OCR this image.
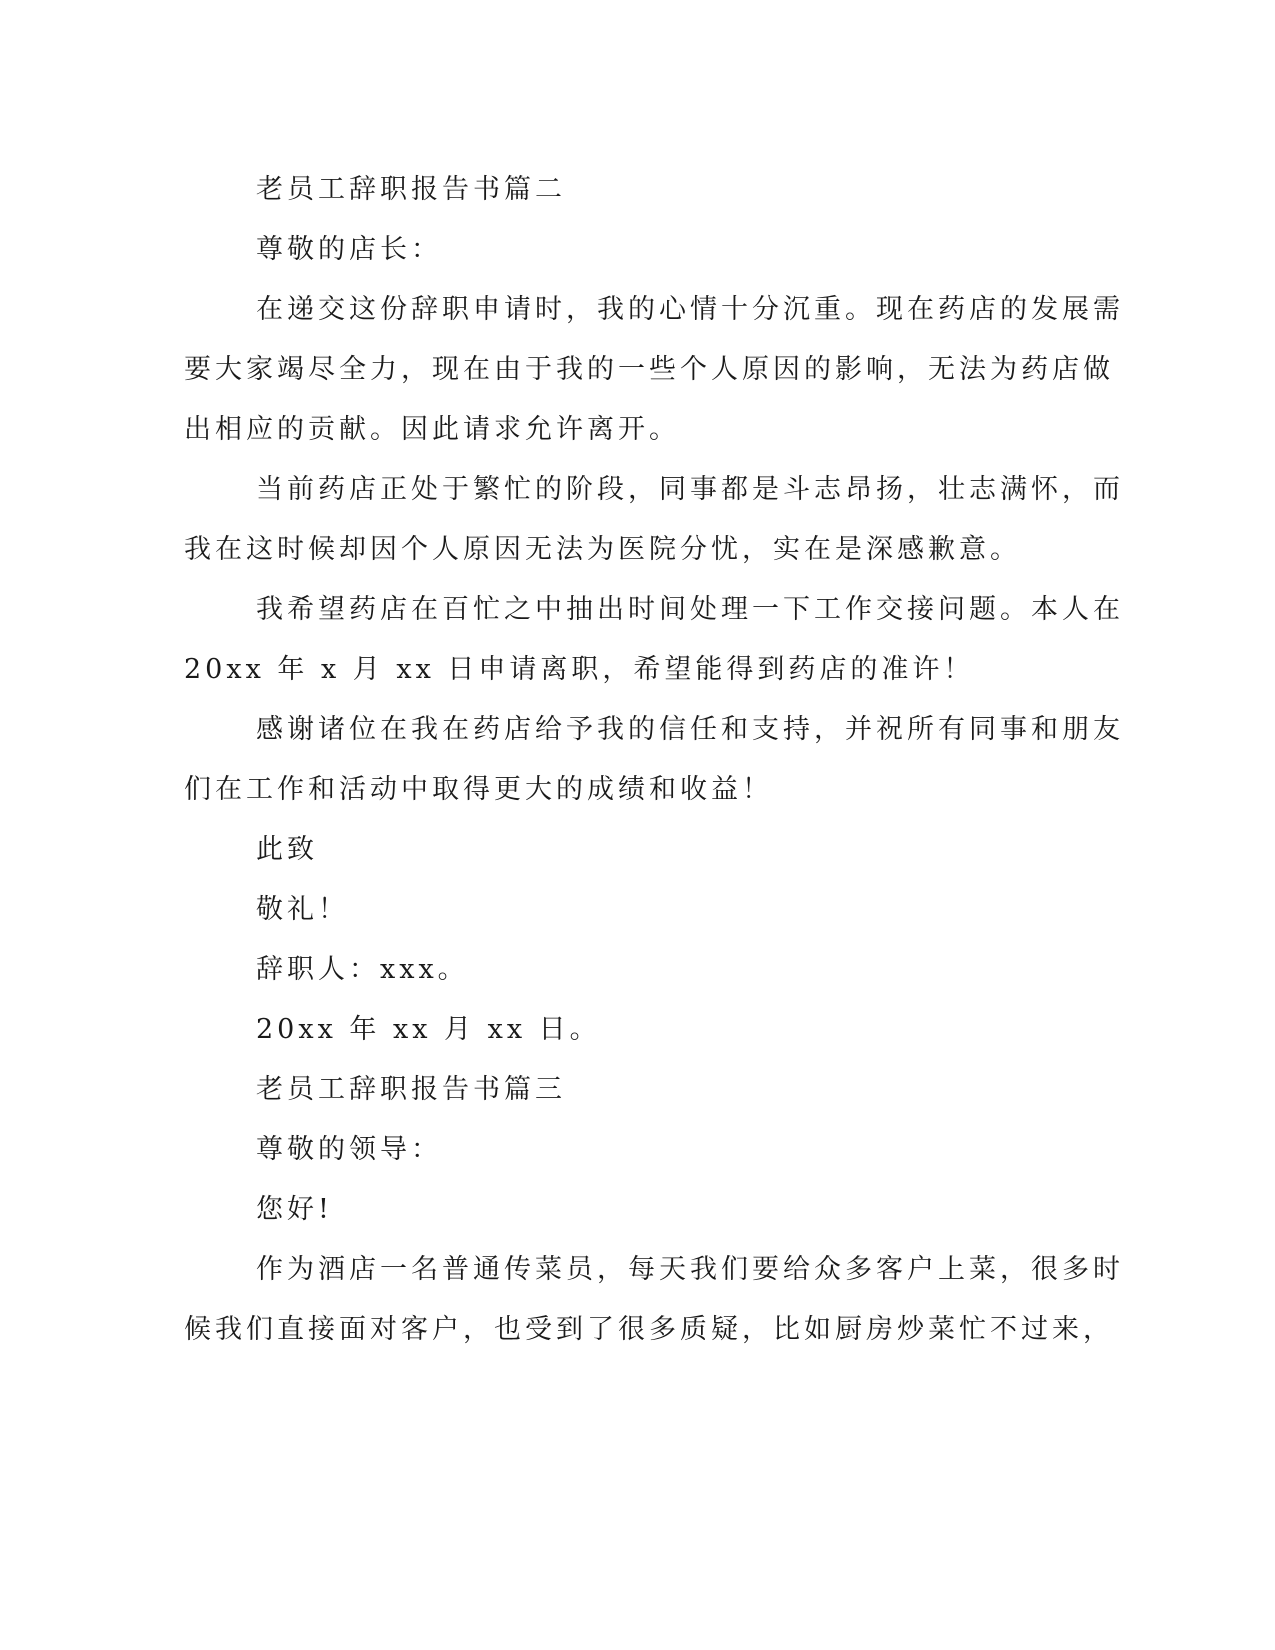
老员工辞职报告书篇二
尊敬的店长：
在递交这份辞职申请时，我的心情十分沉重。现在药店的发展需
要大家竭尽全力，现在由于我的一些个人原因的影响，无法为药店做
出相应的贡献。因此请求允许离开。
当前药店正处于繁忙的阶段，同事都是斗志昂扬，壮志满怀，而
我在这时候却因个人原因无法为医院分忧，实在是深感歉意。
我希望药店在百忙之中抽出时间处理一下工作交接问题。本人在
20xx 年 x 月 xx 日申请离职，希望能得到药店的准许！
感谢诸位在我在药店给予我的信任和支持，并祝所有同事和朋友
们在工作和活动中取得更大的成绩和收益！
此致
敬礼！
辞职人：xxx。
20xx 年 xx 月 xx 日。
老员工辞职报告书篇三
尊敬的领导：
您好!
作为酒店一名普通传菜员，每天我们要给众多客户上菜，很多时
候我们直接面对客户，也受到了很多质疑，比如厨房炒菜忙不过来，
